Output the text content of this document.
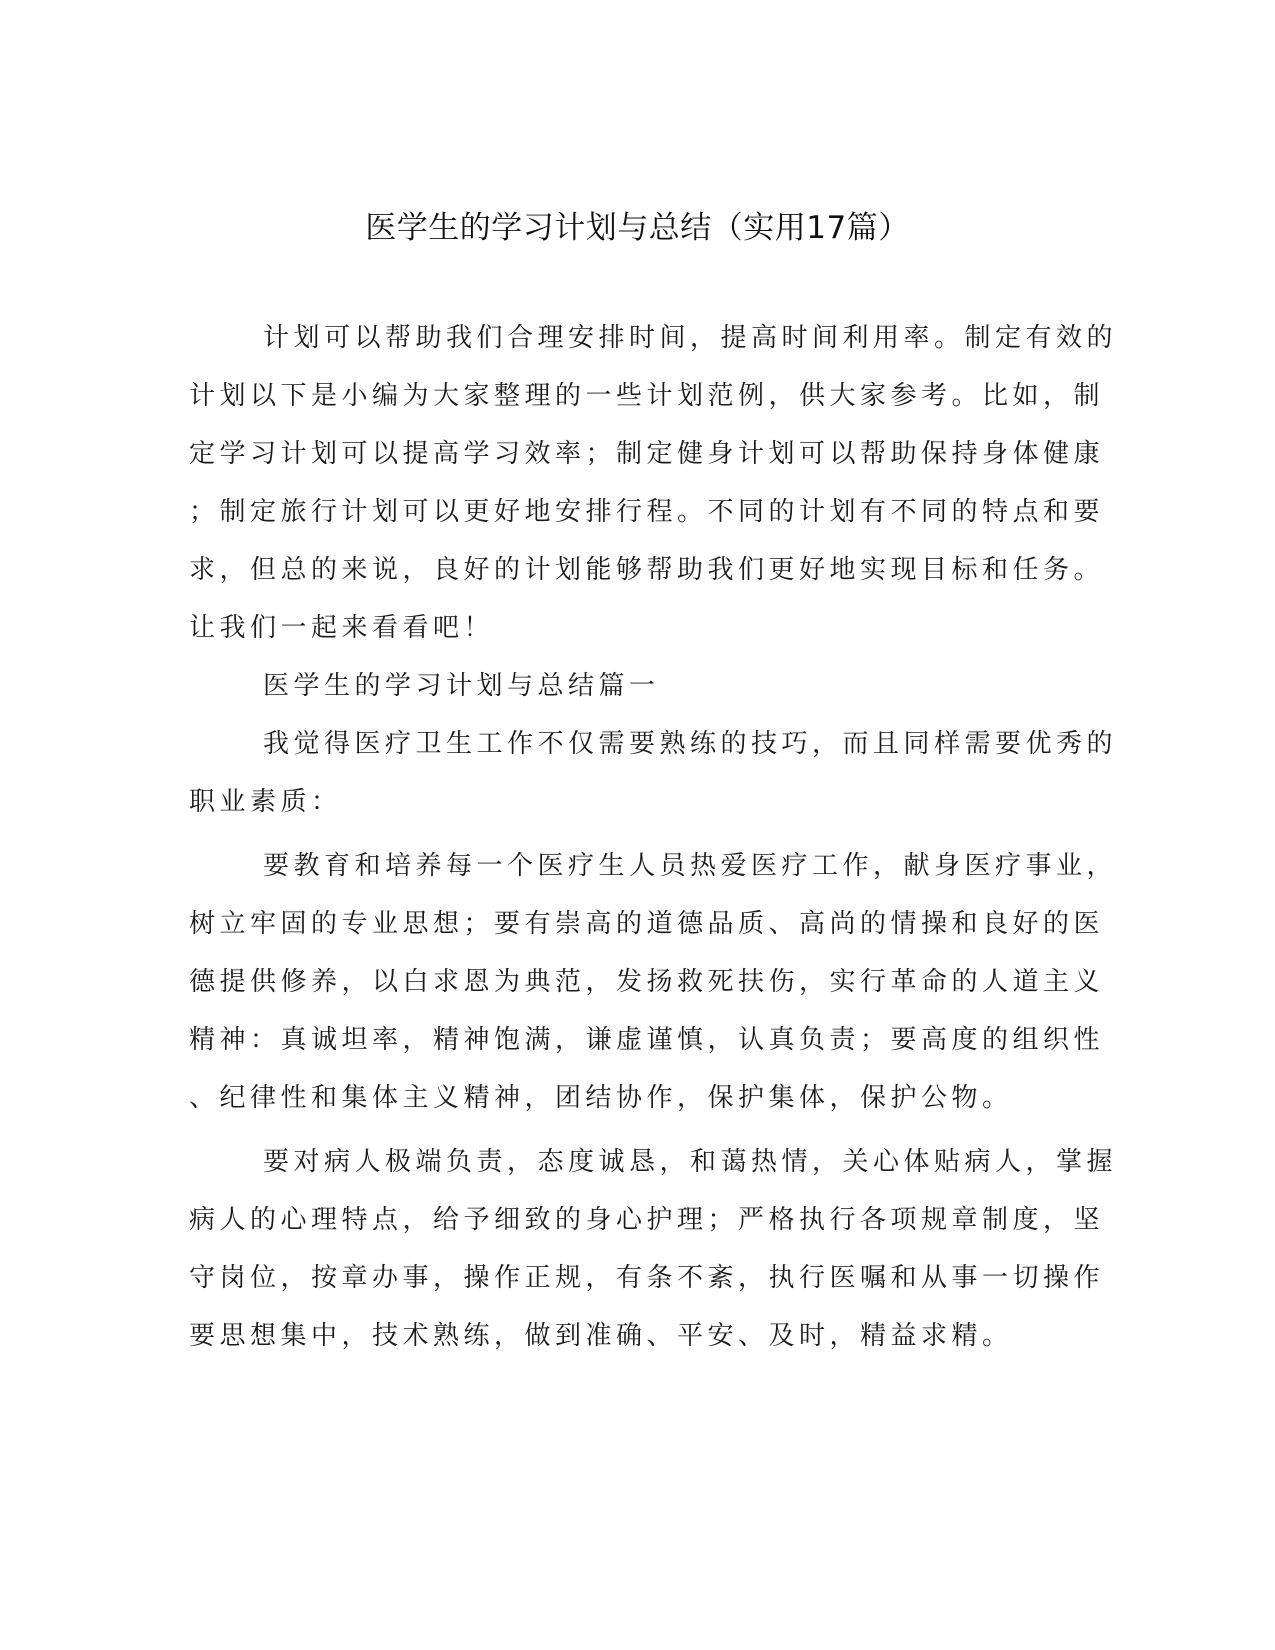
医学生的学习计划与总结（实用17篇）
计划可以帮助我们合理安排时间，提高时间利用率。制定有效的
计划以下是小编为大家整理的一些计划范例，供大家参考。比如，制
定学习计划可以提高学习效率；制定健身计划可以帮助保持身体健康
；制定旅行计划可以更好地安排行程。不同的计划有不同的特点和要
求，但总的来说，良好的计划能够帮助我们更好地实现目标和任务。
让我们一起来看看吧！
医学生的学习计划与总结篇一
我觉得医疗卫生工作不仅需要熟练的技巧，而且同样需要优秀的
职业素质：
要教育和培养每一个医疗生人员热爱医疗工作，献身医疗事业，
树立牢固的专业思想；要有崇高的道德品质、高尚的情操和良好的医
德提供修养，以白求恩为典范，发扬救死扶伤，实行革命的人道主义
精神：真诚坦率，精神饱满，谦虚谨慎，认真负责；要高度的组织性
、纪律性和集体主义精神，团结协作，保护集体，保护公物。
要对病人极端负责，态度诚恳，和蔼热情，关心体贴病人，掌握
病人的心理特点，给予细致的身心护理；严格执行各项规章制度，坚
守岗位，按章办事，操作正规，有条不紊，执行医嘱和从事一切操作
要思想集中，技术熟练，做到准确、平安、及时，精益求精。
